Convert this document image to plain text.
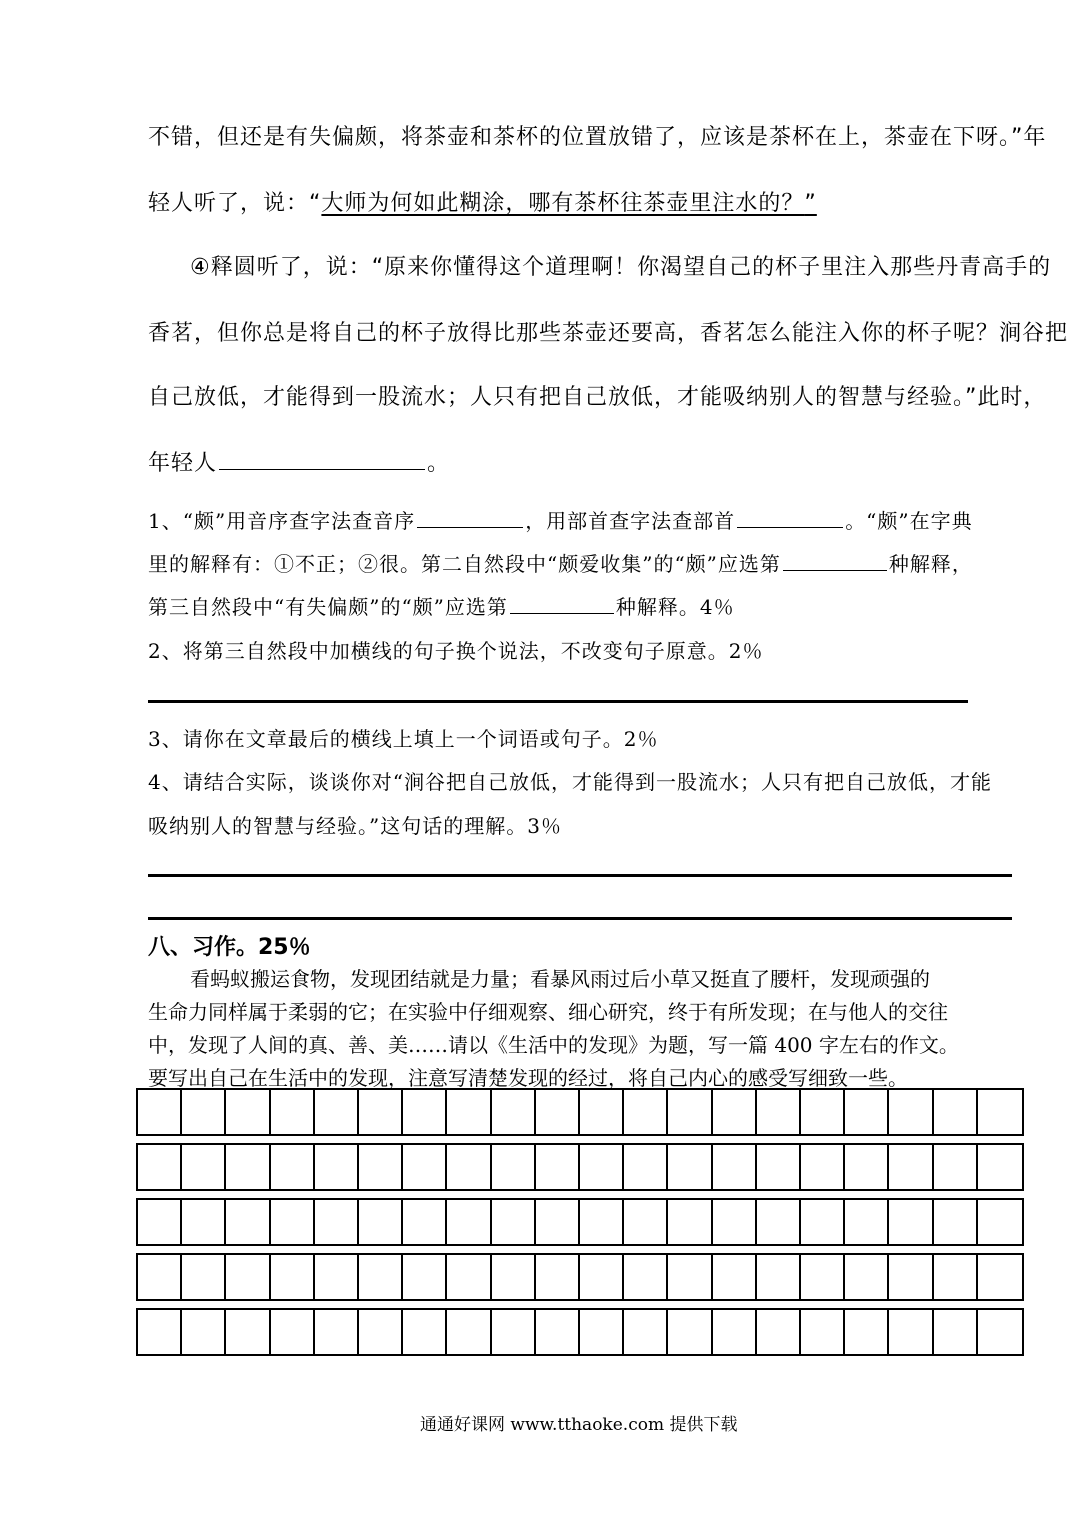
不错，但还是有失偏颇，将茶壶和茶杯的位置放错了，应该是茶杯在上，茶壶在下呀。”年
轻人听了，说：“大师为何如此糊涂，哪有茶杯往茶壶里注水的？”
④释圆听了，说：“原来你懂得这个道理啊！你渴望自己的杯子里注入那些丹青高手的
香茗，但你总是将自己的杯子放得比那些茶壶还要高，香茗怎么能注入你的杯子呢？涧谷把
自己放低，才能得到一股流水；人只有把自己放低，才能吸纳别人的智慧与经验。”此时，
年轻人	。
1、“颇”用音序查字法查音序	，用部首查字法查部首	。“颇”在字典
里的解释有：①不正；②很。第二自然段中“颇爱收集”的“颇”应选第	种解释，
第三自然段中“有失偏颇”的“颇”应选第	种解释。4％
2、将第三自然段中加横线的句子换个说法，不改变句子原意。2％
3、请你在文章最后的横线上填上一个词语或句子。2％
4、请结合实际，谈谈你对“涧谷把自己放低，才能得到一股流水；人只有把自己放低，才能
吸纳别人的智慧与经验。”这句话的理解。3％
八、习作。25％
看蚂蚁搬运食物，发现团结就是力量；看暴风雨过后小草又挺直了腰杆，发现顽强的
生命力同样属于柔弱的它；在实验中仔细观察、细心研究，终于有所发现；在与他人的交往
中，发现了人间的真、善、美……请以《生活中的发现》为题，写一篇 400 字左右的作文。
要写出自己在生活中的发现，注意写清楚发现的经过，将自己内心的感受写细致一些。
通通好课网 www.tthaoke.com 提供下载
